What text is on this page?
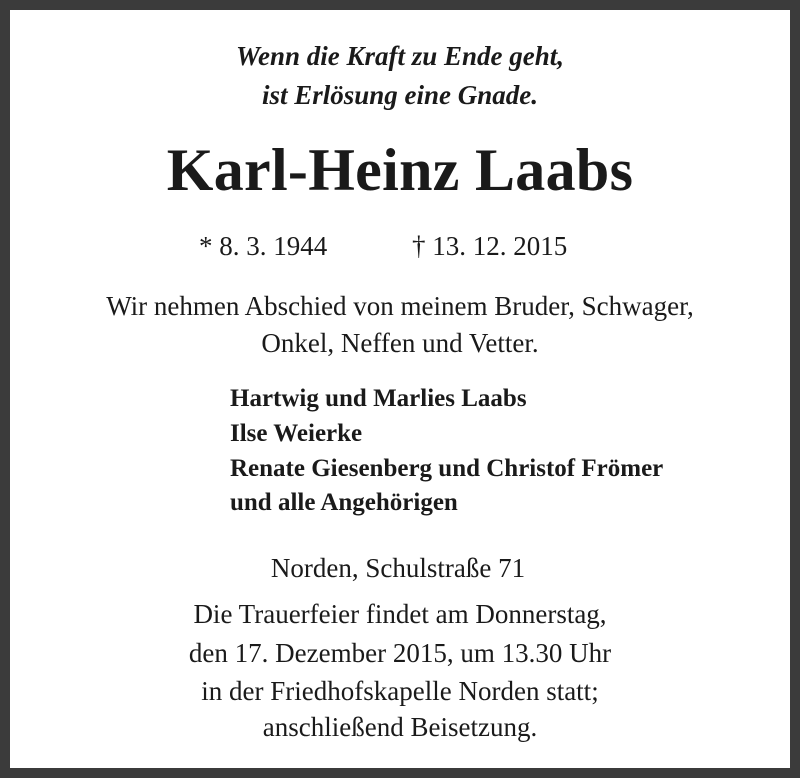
Wenn die Kraft zu Ende geht,
ist Erlösung eine Gnade.
Karl-Heinz Laabs
* 8. 3. 1944	† 13. 12. 2015
Wir nehmen Abschied von meinem Bruder, Schwager,
Onkel, Neffen und Vetter.
Hartwig und Marlies Laabs
Ilse Weierke
Renate Giesenberg und Christof Frömer
und alle Angehörigen
Norden, Schulstraße 71
Die Trauerfeier findet am Donnerstag,
den 17. Dezember 2015, um 13.30 Uhr
in der Friedhofskapelle Norden statt;
anschließend Beisetzung.
